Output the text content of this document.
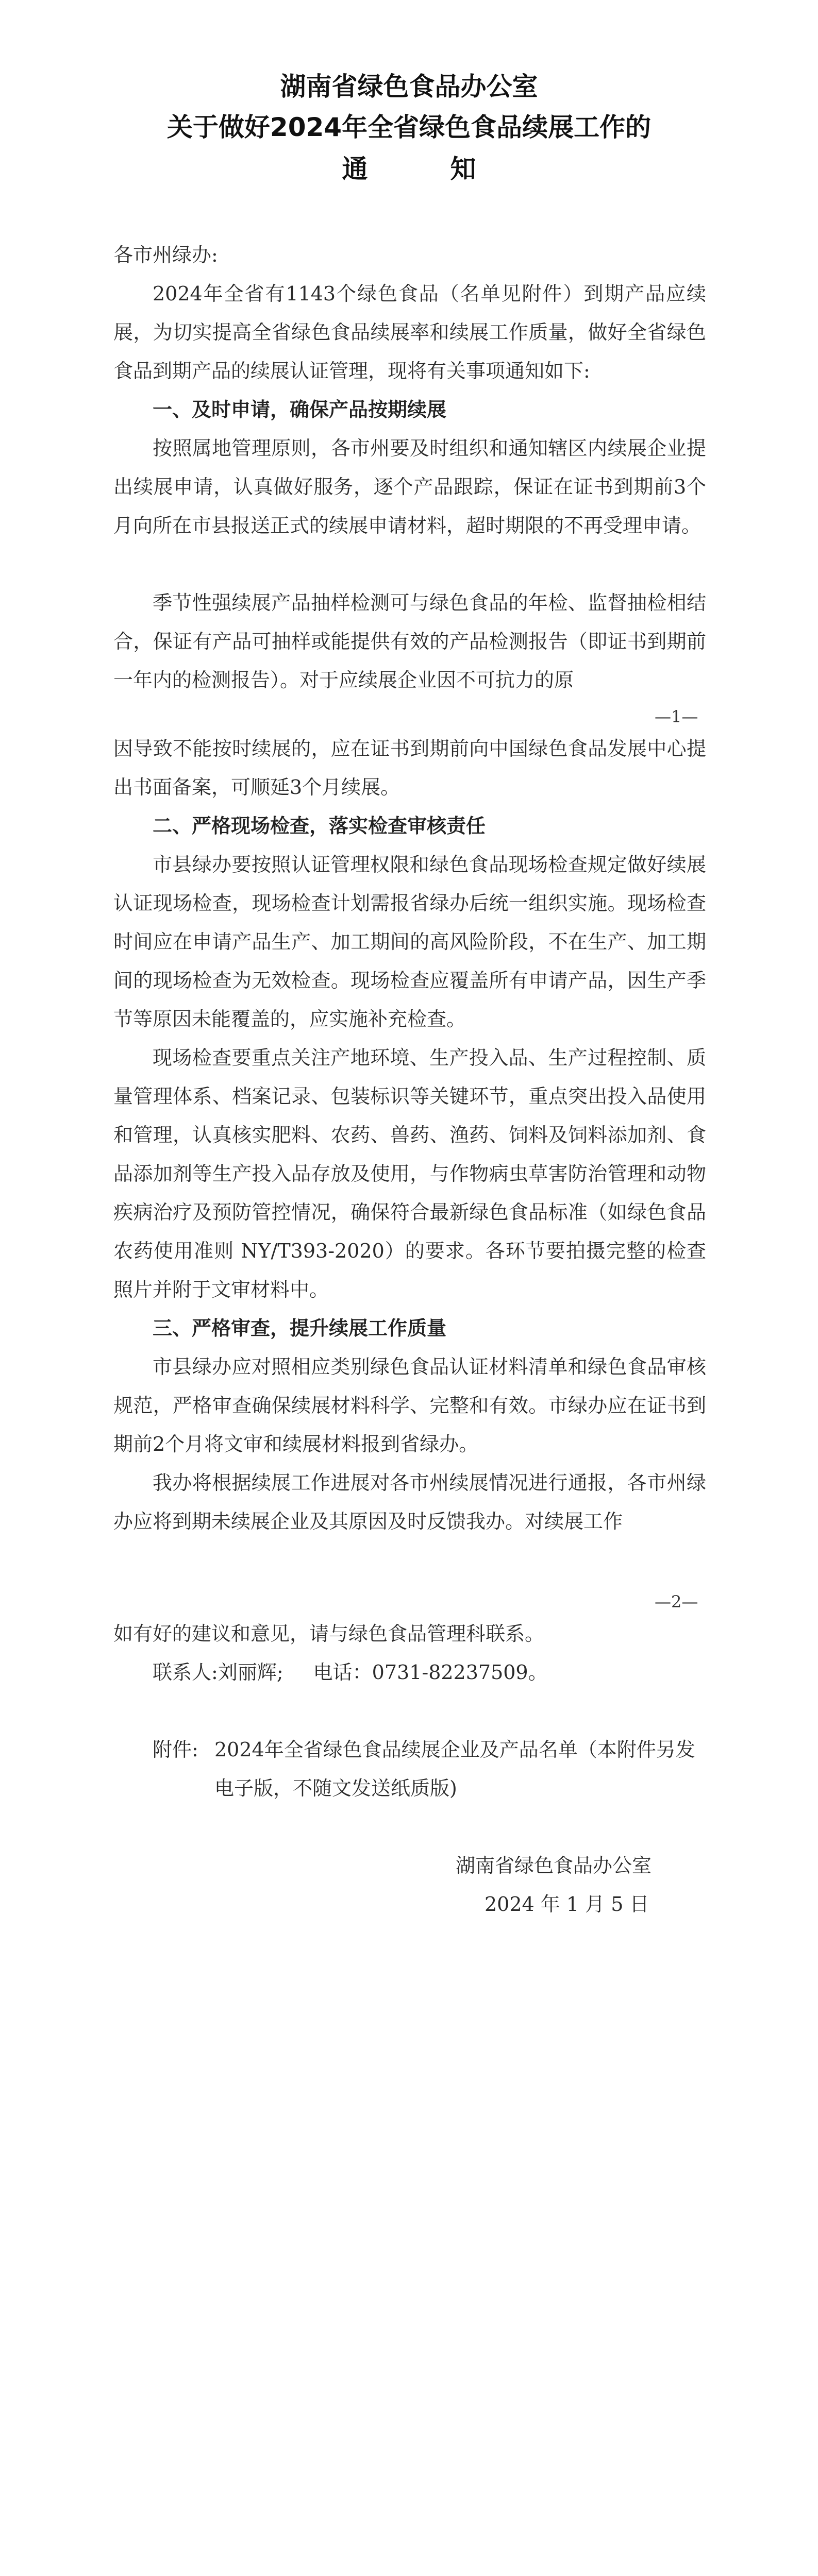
湖南省绿色食品办公室
关于做好2024年全省绿色食品续展工作的
通	知

各市州绿办:

2024年全省有1143个绿色食品（名单见附件）到期产品应续展，为切实提高全省绿色食品续展率和续展工作质量，做好全省绿色食品到期产品的续展认证管理，现将有关事项通知如下:

一、及时申请，确保产品按期续展

按照属地管理原则，各市州要及时组织和通知辖区内续展企业提出续展申请，认真做好服务，逐个产品跟踪，保证在证书到期前3个月向所在市县报送正式的续展申请材料，超时期限的不再受理申请。

季节性强续展产品抽样检测可与绿色食品的年检、监督抽检相结合，保证有产品可抽样或能提供有效的产品检测报告（即证书到期前一年内的检测报告）。对于应续展企业因不可抗力的原

—1—

因导致不能按时续展的，应在证书到期前向中国绿色食品发展中心提出书面备案，可顺延3个月续展。

二、严格现场检查，落实检查审核责任

市县绿办要按照认证管理权限和绿色食品现场检查规定做好续展认证现场检查，现场检查计划需报省绿办后统一组织实施。现场检查时间应在申请产品生产、加工期间的高风险阶段，不在生产、加工期间的现场检查为无效检查。现场检查应覆盖所有申请产品，因生产季节等原因未能覆盖的，应实施补充检查。

现场检查要重点关注产地环境、生产投入品、生产过程控制、质量管理体系、档案记录、包装标识等关键环节，重点突出投入品使用和管理，认真核实肥料、农药、兽药、渔药、饲料及饲料添加剂、食品添加剂等生产投入品存放及使用，与作物病虫草害防治管理和动物疾病治疗及预防管控情况，确保符合最新绿色食品标准（如绿色食品 农药使用准则 NY/T393-2020）的要求。各环节要拍摄完整的检查照片并附于文审材料中。

三、严格审查，提升续展工作质量

市县绿办应对照相应类别绿色食品认证材料清单和绿色食品审核规范，严格审查确保续展材料科学、完整和有效。市绿办应在证书到期前2个月将文审和续展材料报到省绿办。

我办将根据续展工作进展对各市州续展情况进行通报，各市州绿办应将到期未续展企业及其原因及时反馈我办。对续展工作

—2—

如有好的建议和意见，请与绿色食品管理科联系。

联系人:刘丽辉; 电话：0731-82237509。

附件: 2024年全省绿色食品续展企业及产品名单（本附件另发电子版，不随文发送纸质版)
湖南省绿色食品办公室
2024 年 1 月 5 日
